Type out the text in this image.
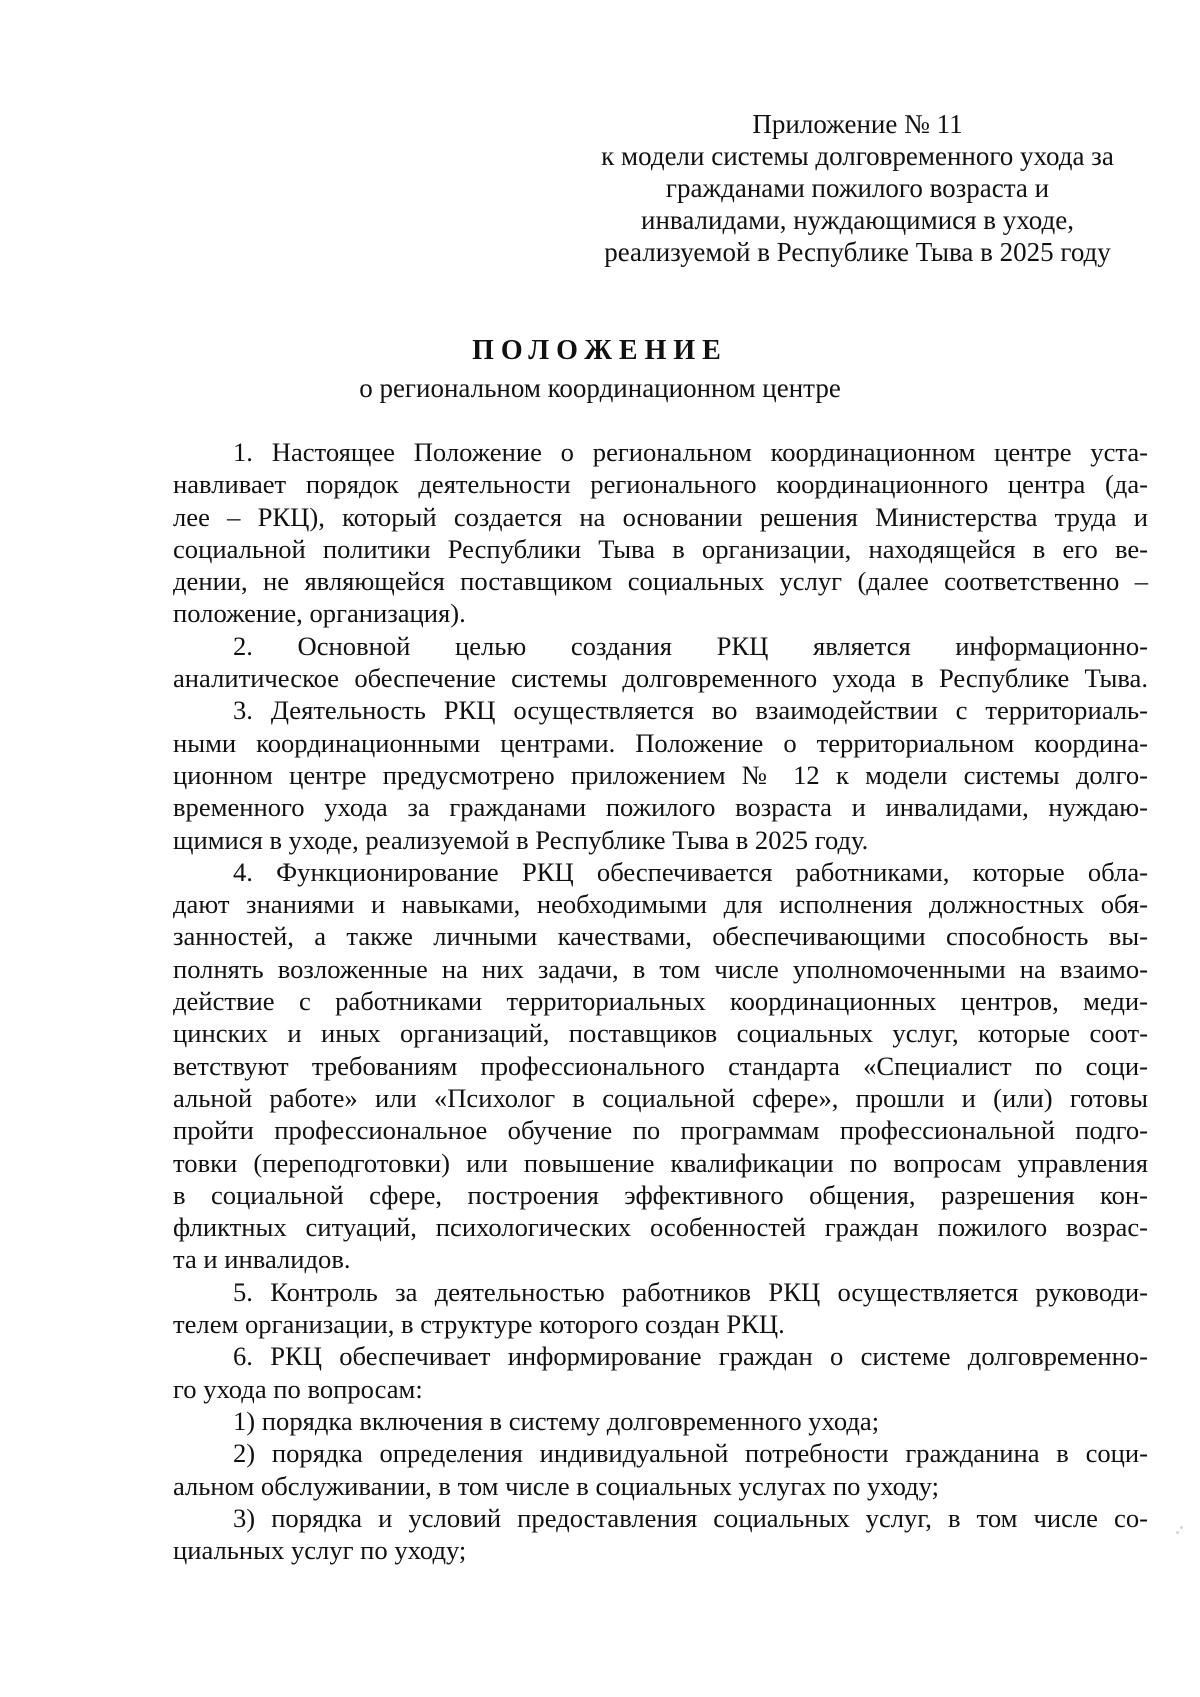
Приложение № 11
к модели системы долговременного ухода за
гражданами пожилого возраста и
инвалидами, нуждающимися в уходе,
реализуемой в Республике Тыва в 2025 году
ПОЛОЖЕНИЕ
о региональном координационном центре
1. Настоящее Положение о региональном координационном центре уста-
навливает порядок деятельности регионального координационного центра (да-
лее – РКЦ), который создается на основании решения Министерства труда и
социальной политики Республики Тыва в организации, находящейся в его ве-
дении, не являющейся поставщиком социальных услуг (далее соответственно –
положение, организация).
2. Основной целью создания РКЦ является информационно-
аналитическое обеспечение системы долговременного ухода в Республике Тыва.
3. Деятельность РКЦ осуществляется во взаимодействии с территориаль-
ными координационными центрами. Положение о территориальном координа-
ционном центре предусмотрено приложением № 12 к модели системы долго-
временного ухода за гражданами пожилого возраста и инвалидами, нуждаю-
щимися в уходе, реализуемой в Республике Тыва в 2025 году.
4. Функционирование РКЦ обеспечивается работниками, которые обла-
дают знаниями и навыками, необходимыми для исполнения должностных обя-
занностей, а также личными качествами, обеспечивающими способность вы-
полнять возложенные на них задачи, в том числе уполномоченными на взаимо-
действие с работниками территориальных координационных центров, меди-
цинских и иных организаций, поставщиков социальных услуг, которые соот-
ветствуют требованиям профессионального стандарта «Специалист по соци-
альной работе» или «Психолог в социальной сфере», прошли и (или) готовы
пройти профессиональное обучение по программам профессиональной подго-
товки (переподготовки) или повышение квалификации по вопросам управления
в социальной сфере, построения эффективного общения, разрешения кон-
фликтных ситуаций, психологических особенностей граждан пожилого возрас-
та и инвалидов.
5. Контроль за деятельностью работников РКЦ осуществляется руководи-
телем организации, в структуре которого создан РКЦ.
6. РКЦ обеспечивает информирование граждан о системе долговременно-
го ухода по вопросам:
1) порядка включения в систему долговременного ухода;
2) порядка определения индивидуальной потребности гражданина в соци-
альном обслуживании, в том числе в социальных услугах по уходу;
3) порядка и условий предоставления социальных услуг, в том числе со-
циальных услуг по уходу;
